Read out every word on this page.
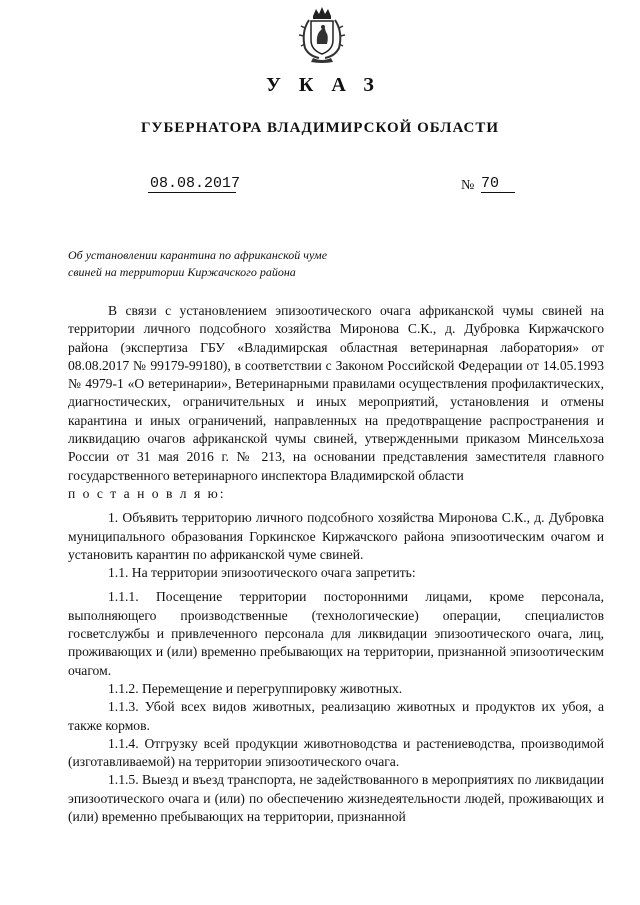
УКАЗ
ГУБЕРНАТОРА ВЛАДИМИРСКОЙ ОБЛАСТИ
08.08.2017	№ 70
Об установлении карантина по африканской чуме
свиней на территории Киржачского района

В связи с установлением эпизоотического очага африканской чумы свиней на территории личного подсобного хозяйства Миронова С.К., д. Дубровка Киржачского района (экспертиза ГБУ «Владимирская областная ветеринарная лаборатория» от 08.08.2017 № 99179-99180), в соответствии с Законом Российской Федерации от 14.05.1993 № 4979-1 «О ветеринарии», Ветеринарными правилами осуществления профилактических, диагностических, ограничительных и иных мероприятий, установления и отмены карантина и иных ограничений, направленных на предотвращение распространения и ликвидацию очагов африканской чумы свиней, утвержденными приказом Минсельхоза России от 31 мая 2016 г. № 213, на основании представления заместителя главного государственного ветеринарного инспектора Владимирской области

п о с т а н о в л я ю:

1. Объявить территорию личного подсобного хозяйства Миронова С.К., д. Дубровка муниципального образования Горкинское Киржачского района эпизоотическим очагом и установить карантин по африканской чуме свиней.

1.1. На территории эпизоотического очага запретить:

1.1.1. Посещение территории посторонними лицами, кроме персонала, выполняющего производственные (технологические) операции, специалистов госветслужбы и привлеченного персонала для ликвидации эпизоотического очага, лиц, проживающих и (или) временно пребывающих на территории, признанной эпизоотическим очагом.

1.1.2. Перемещение и перегруппировку животных.

1.1.3. Убой всех видов животных, реализацию животных и продуктов их убоя, а также кормов.

1.1.4. Отгрузку всей продукции животноводства и растениеводства, производимой (изготавливаемой) на территории эпизоотического очага.

1.1.5. Выезд и въезд транспорта, не задействованного в мероприятиях по ликвидации эпизоотического очага и (или) по обеспечению жизнедеятельности людей, проживающих и (или) временно пребывающих на территории, признанной
